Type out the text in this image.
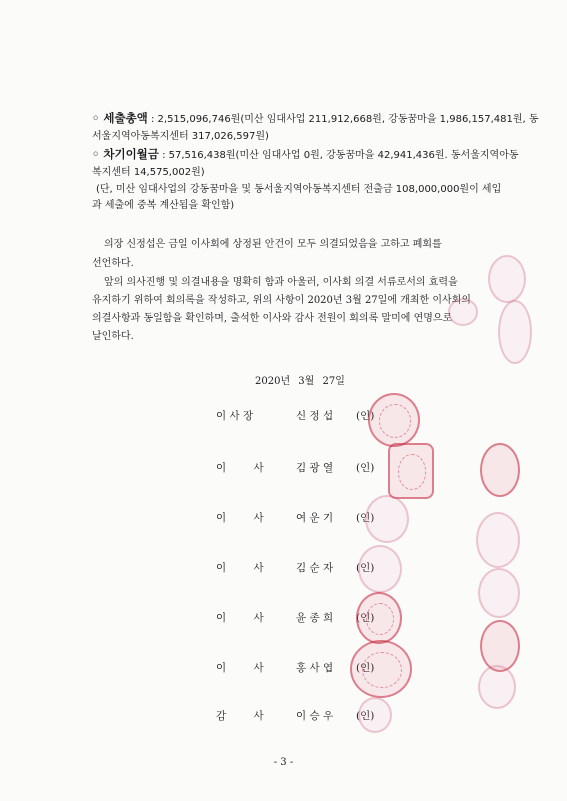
◦ 세출총액 : 2,515,096,746원(미산 임대사업 211,912,668원, 강동꿈마을 1,986,157,481원, 동
서울지역아동복지센터 317,026,597원)
◦ 차기이월금 : 57,516,438원(미산 임대사업 0원, 강동꿈마을 42,941,436원. 동서울지역아동
복지센터 14,575,002원)
(단, 미산 임대사업의 강동꿈마을 및 동서울지역아동복지센터 전출금 108,000,000원이 세입
과 세출에 중복 계산됨을 확인함)
의장 신정섭은 금일 이사회에 상정된 안건이 모두 의결되었음을 고하고 폐회를
선언하다.
앞의 의사진행 및 의결내용을 명확히 함과 아울러, 이사회 의결 서류로서의 효력을
유지하기 위하여 회의록을 작성하고, 위의 사항이 2020년 3월 27일에 개최한 이사회의
의결사항과 동일함을 확인하며, 출석한 이사와 감사 전원이 회의록 말미에 연명으로
날인하다.
2020년 3월 27일
이 사 장	신 정 섭 (인)
이 사	김 광 열 (인)
이 사	여 운 기 (인)
이 사	김 순 자 (인)
이 사	윤 종 희 (인)
이 사	홍 사 엽 (인)
감 사	이 승 우 (인)
- 3 -
